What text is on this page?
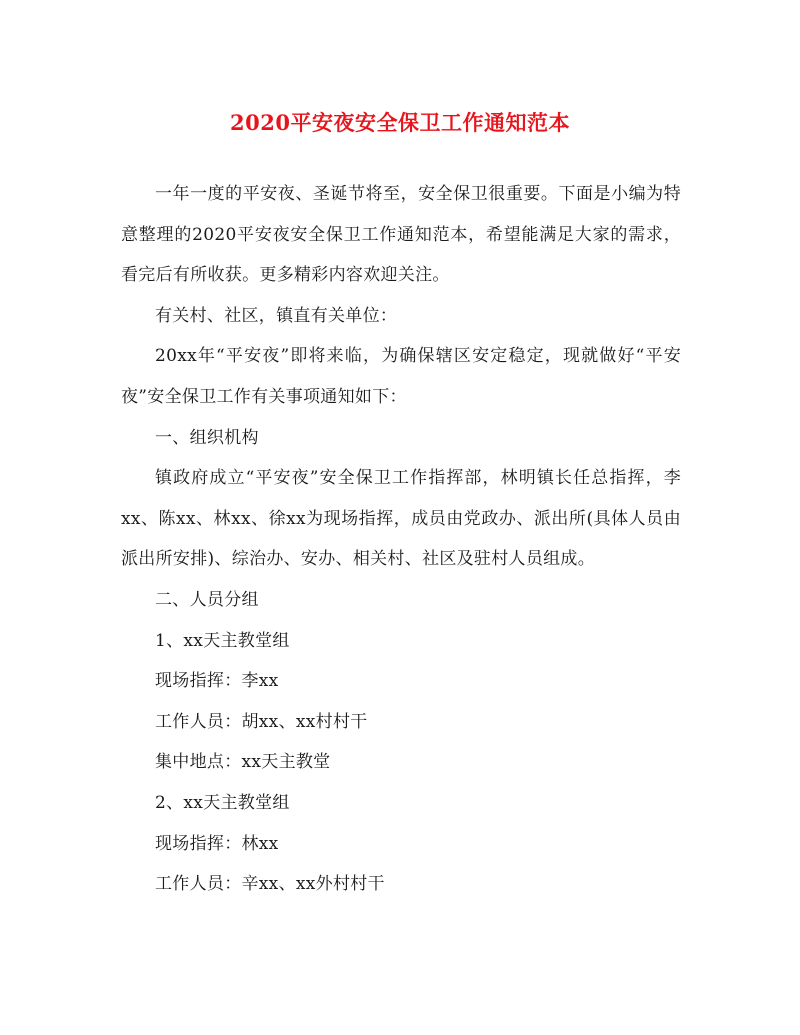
2020平安夜安全保卫工作通知范本

一年一度的平安夜、圣诞节将至，安全保卫很重要。下面是小编为特意整理的2020平安夜安全保卫工作通知范本，希望能满足大家的需求，看完后有所收获。更多精彩内容欢迎关注。

有关村、社区，镇直有关单位：

20xx年“平安夜”即将来临，为确保辖区安定稳定，现就做好“平安夜”安全保卫工作有关事项通知如下：

一、组织机构

镇政府成立“平安夜”安全保卫工作指挥部，林明镇长任总指挥，李xx、陈xx、林xx、徐xx为现场指挥，成员由党政办、派出所(具体人员由派出所安排)、综治办、安办、相关村、社区及驻村人员组成。

二、人员分组

1、xx天主教堂组

现场指挥：李xx

工作人员：胡xx、xx村村干

集中地点：xx天主教堂

2、xx天主教堂组

现场指挥：林xx

工作人员：辛xx、xx外村村干
